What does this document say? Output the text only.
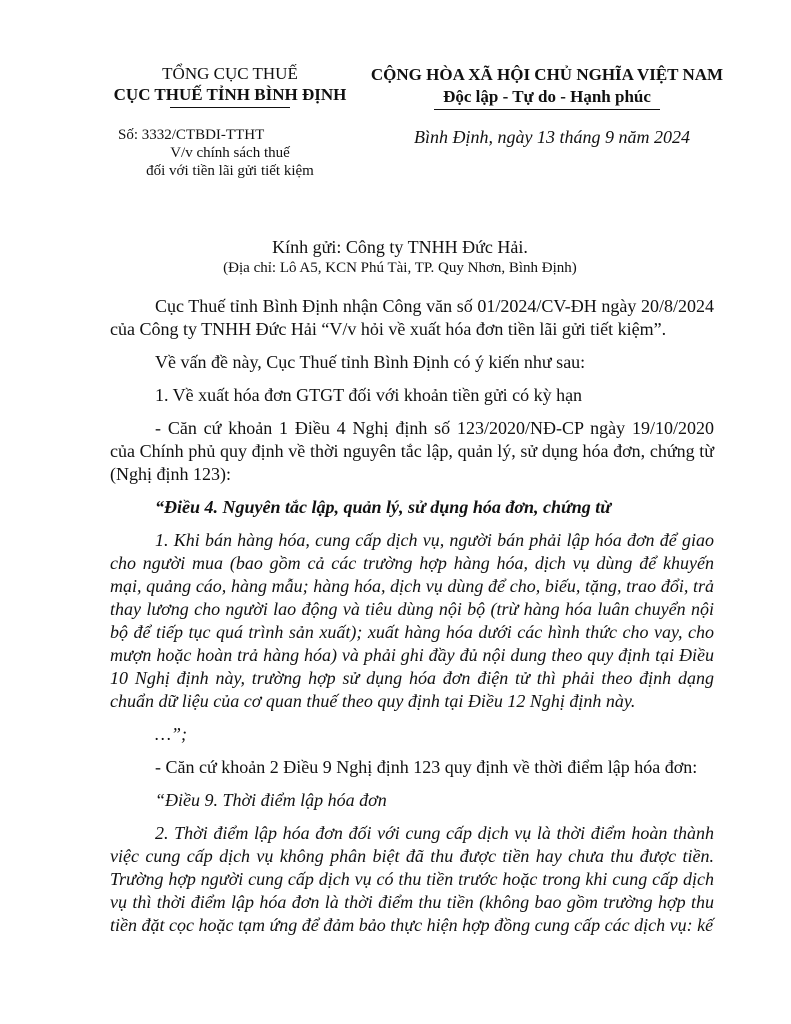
TỔNG CỤC THUẾ
CỤC THUẾ TỈNH BÌNH ĐỊNH
CỘNG HÒA XÃ HỘI CHỦ NGHĨA VIỆT NAM
Độc lập - Tự do - Hạnh phúc
Số: 3332/CTBDI-TTHT
V/v chính sách thuế
đối với tiền lãi gửi tiết kiệm
Bình Định, ngày 13 tháng 9 năm 2024
Kính gửi: Công ty TNHH Đức Hải.
(Địa chỉ: Lô A5, KCN Phú Tài, TP. Quy Nhơn, Bình Định)

Cục Thuế tỉnh Bình Định nhận Công văn số 01/2024/CV-ĐH ngày 20/8/2024 của Công ty TNHH Đức Hải “V/v hỏi về xuất hóa đơn tiền lãi gửi tiết kiệm”.

Về vấn đề này, Cục Thuế tỉnh Bình Định có ý kiến như sau:

1. Về xuất hóa đơn GTGT đối với khoản tiền gửi có kỳ hạn

- Căn cứ khoản 1 Điều 4 Nghị định số 123/2020/NĐ-CP ngày 19/10/2020 của Chính phủ quy định về thời nguyên tắc lập, quản lý, sử dụng hóa đơn, chứng từ (Nghị định 123):

“Điều 4. Nguyên tắc lập, quản lý, sử dụng hóa đơn, chứng từ

1. Khi bán hàng hóa, cung cấp dịch vụ, người bán phải lập hóa đơn để giao cho người mua (bao gồm cả các trường hợp hàng hóa, dịch vụ dùng để khuyến mại, quảng cáo, hàng mẫu; hàng hóa, dịch vụ dùng để cho, biếu, tặng, trao đổi, trả thay lương cho người lao động và tiêu dùng nội bộ (trừ hàng hóa luân chuyển nội bộ để tiếp tục quá trình sản xuất); xuất hàng hóa dưới các hình thức cho vay, cho mượn hoặc hoàn trả hàng hóa) và phải ghi đầy đủ nội dung theo quy định tại Điều 10 Nghị định này, trường hợp sử dụng hóa đơn điện tử thì phải theo định dạng chuẩn dữ liệu của cơ quan thuế theo quy định tại Điều 12 Nghị định này.

…”;

- Căn cứ khoản 2 Điều 9 Nghị định 123 quy định về thời điểm lập hóa đơn:

“Điều 9. Thời điểm lập hóa đơn

2. Thời điểm lập hóa đơn đối với cung cấp dịch vụ là thời điểm hoàn thành việc cung cấp dịch vụ không phân biệt đã thu được tiền hay chưa thu được tiền. Trường hợp người cung cấp dịch vụ có thu tiền trước hoặc trong khi cung cấp dịch vụ thì thời điểm lập hóa đơn là thời điểm thu tiền (không bao gồm trường hợp thu tiền đặt cọc hoặc tạm ứng để đảm bảo thực hiện hợp đồng cung cấp các dịch vụ: kế
